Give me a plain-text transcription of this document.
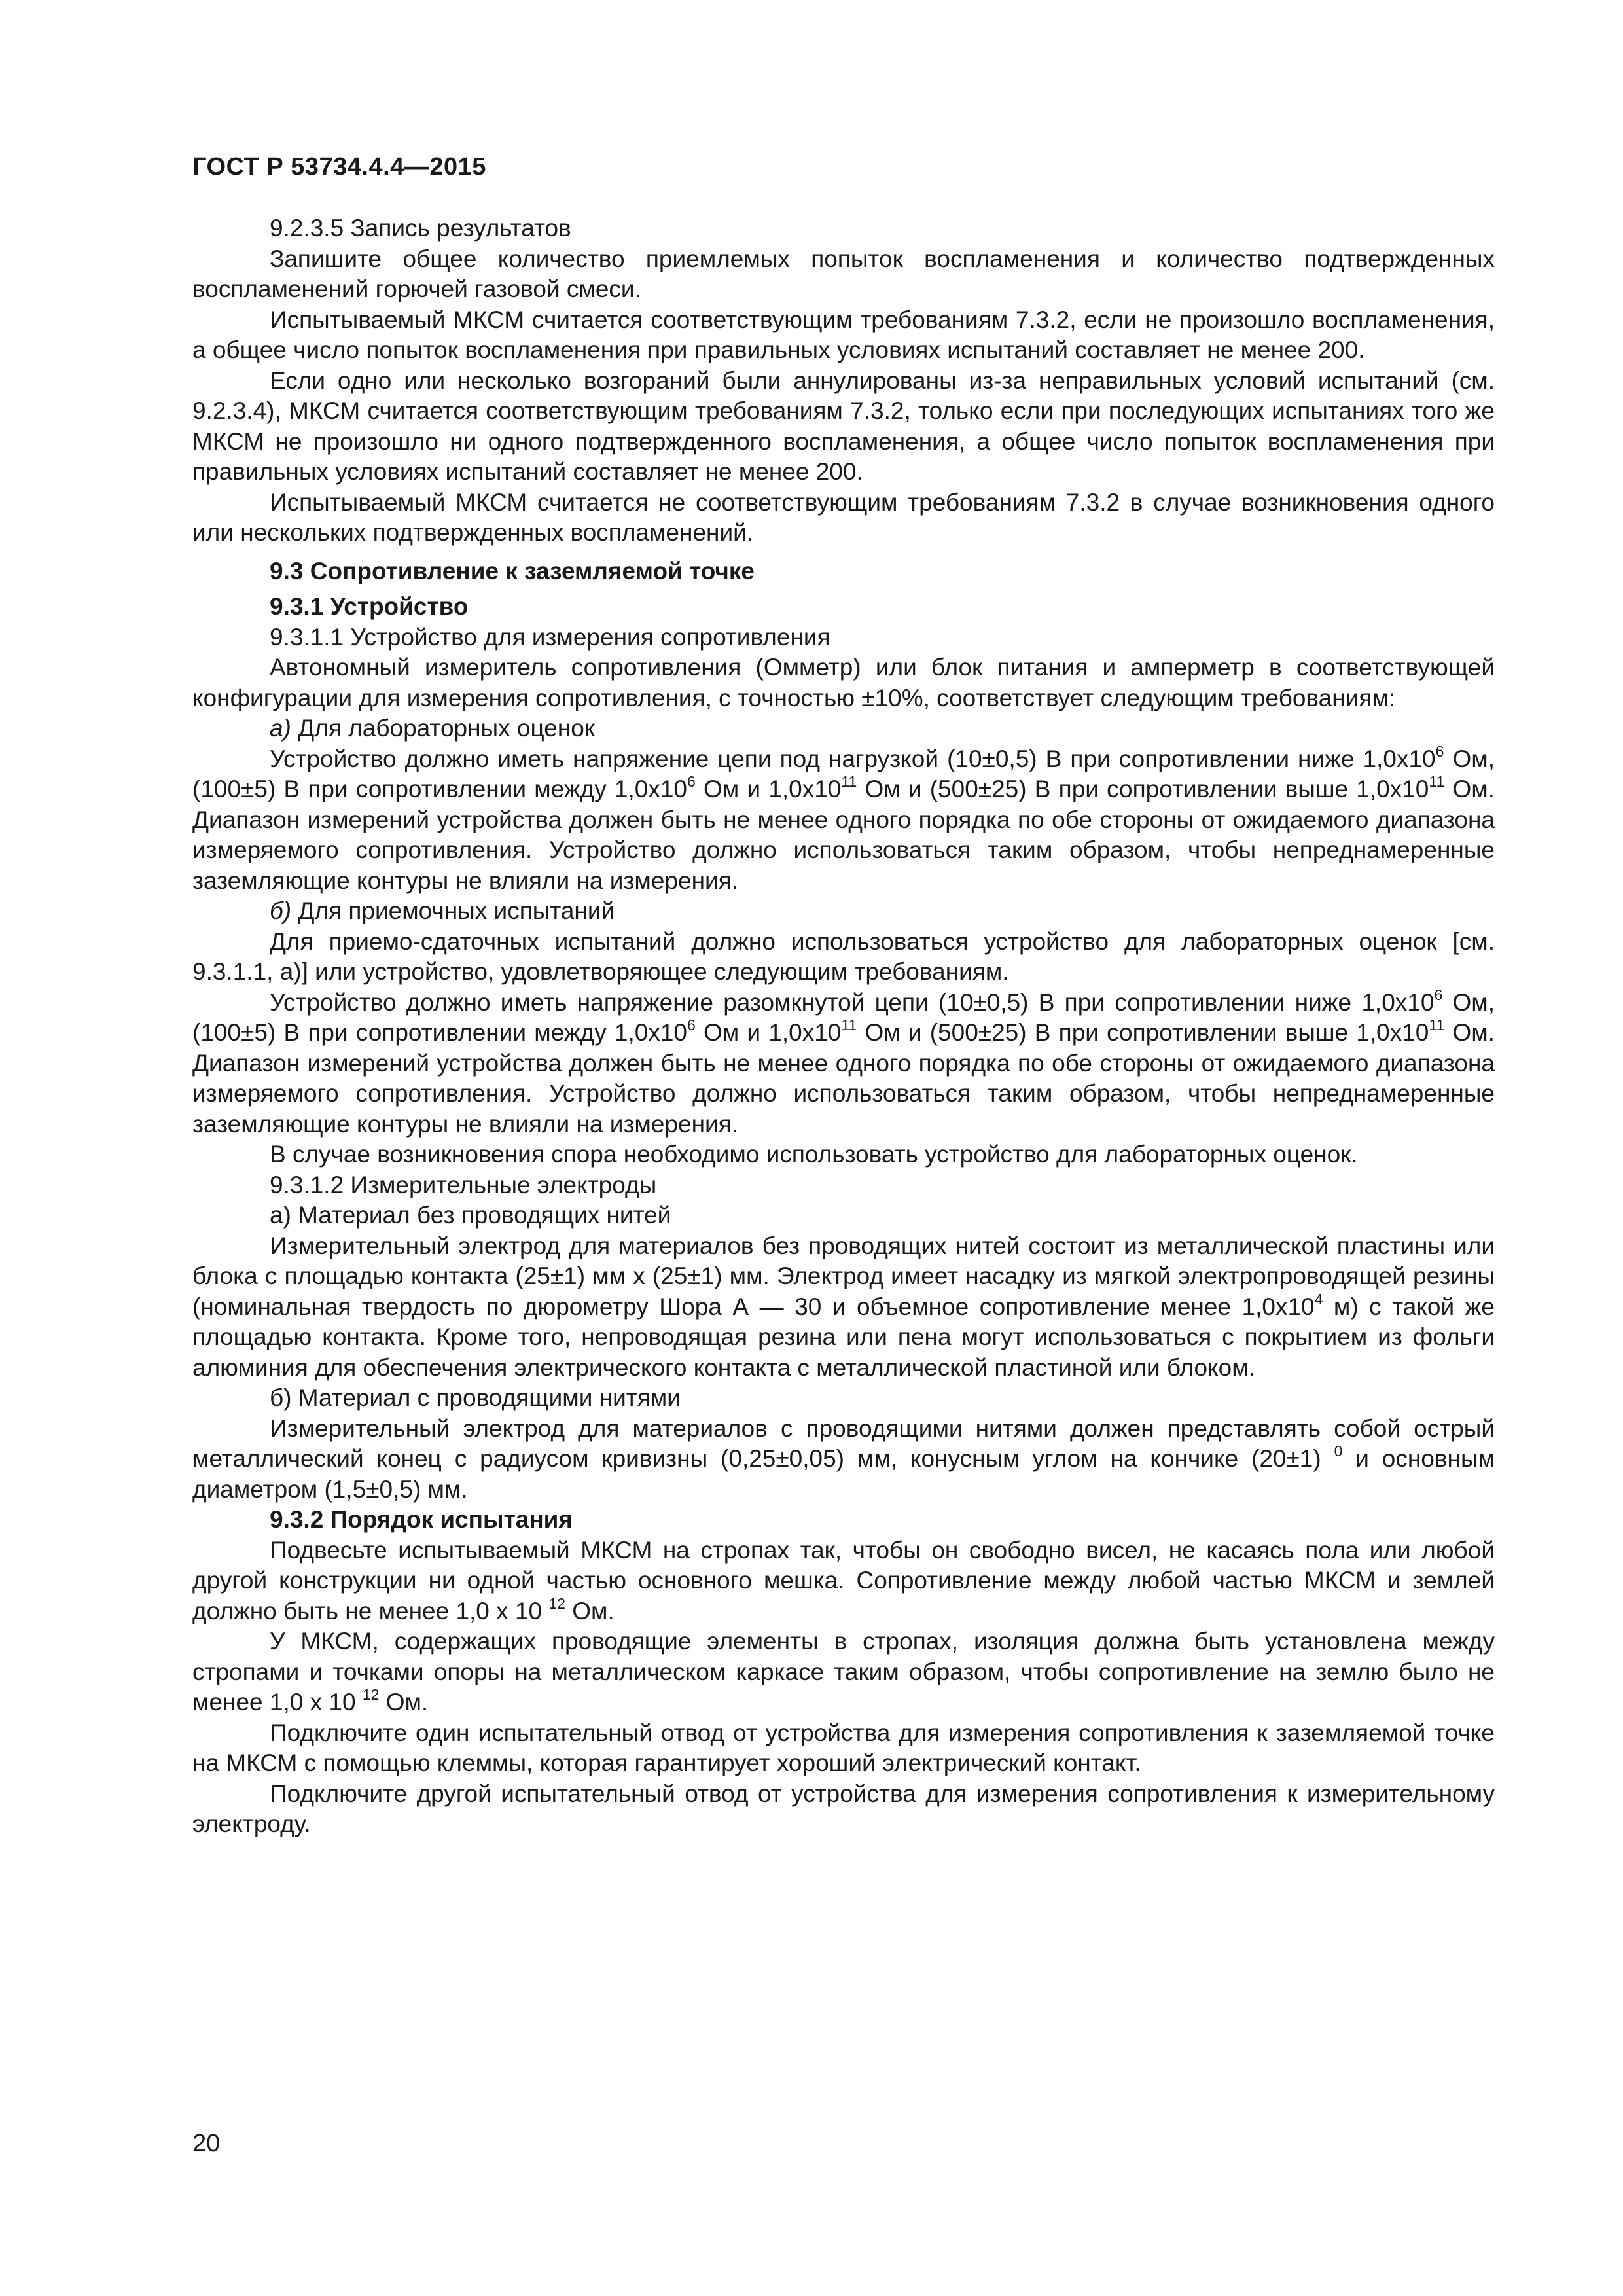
ГОСТ Р 53734.4.4—2015

9.2.3.5 Запись результатов

Запишите общее количество приемлемых попыток воспламенения и количество подтвержденных воспламенений горючей газовой смеси.

Испытываемый МКСМ считается соответствующим требованиям 7.3.2, если не произошло воспламенения, а общее число попыток воспламенения при правильных условиях испытаний составляет не менее 200.

Если одно или несколько возгораний были аннулированы из-за неправильных условий испытаний (см. 9.2.3.4), МКСМ считается соответствующим требованиям 7.3.2, только если при последующих испытаниях того же МКСМ не произошло ни одного подтвержденного воспламенения, а общее число попыток воспламенения при правильных условиях испытаний составляет не менее 200.

Испытываемый МКСМ считается не соответствующим требованиям 7.3.2 в случае возникновения одного или нескольких подтвержденных воспламенений.

9.3 Сопротивление к заземляемой точке

9.3.1 Устройство

9.3.1.1 Устройство для измерения сопротивления

Автономный измеритель сопротивления (Омметр) или блок питания и амперметр в соответствующей конфигурации для измерения сопротивления, с точностью ±10%, соответствует следующим требованиям:

а) Для лабораторных оценок

Устройство должно иметь напряжение цепи под нагрузкой (10±0,5) В при сопротивлении ниже $1,0х10^6$ Ом, (100±5) В при сопротивлении между $1,0х10^6$ Ом и $1,0х10^{11}$ Ом и (500±25) В при сопротивлении выше $1,0х10^{11}$ Ом. Диапазон измерений устройства должен быть не менее одного порядка по обе стороны от ожидаемого диапазона измеряемого сопротивления. Устройство должно использоваться таким образом, чтобы непреднамеренные заземляющие контуры не влияли на измерения.

б) Для приемочных испытаний

Для приемо-сдаточных испытаний должно использоваться устройство для лабораторных оценок [см. 9.3.1.1, а)] или устройство, удовлетворяющее следующим требованиям.

Устройство должно иметь напряжение разомкнутой цепи (10±0,5) В при сопротивлении ниже $1,0х10^6$ Ом, (100±5) В при сопротивлении между $1,0х10^6$ Ом и $1,0х10^{11}$ Ом и (500±25) В при сопротивлении выше $1,0х10^{11}$ Ом. Диапазон измерений устройства должен быть не менее одного порядка по обе стороны от ожидаемого диапазона измеряемого сопротивления. Устройство должно использоваться таким образом, чтобы непреднамеренные заземляющие контуры не влияли на измерения.

В случае возникновения спора необходимо использовать устройство для лабораторных оценок.

9.3.1.2 Измерительные электроды

а) Материал без проводящих нитей

Измерительный электрод для материалов без проводящих нитей состоит из металлической пластины или блока с площадью контакта (25±1) мм х (25±1) мм. Электрод имеет насадку из мягкой электропроводящей резины (номинальная твердость по дюрометру Шора А — 30 и объемное сопротивление менее $1,0х10^4$ м) с такой же площадью контакта. Кроме того, непроводящая резина или пена могут использоваться с покрытием из фольги алюминия для обеспечения электрического контакта с металлической пластиной или блоком.

б) Материал с проводящими нитями

Измерительный электрод для материалов с проводящими нитями должен представлять собой острый металлический конец с радиусом кривизны (0,25±0,05) мм, конусным углом на кончике (20±1) $^0$ и основным диаметром (1,5±0,5) мм.

9.3.2 Порядок испытания

Подвесьте испытываемый МКСМ на стропах так, чтобы он свободно висел, не касаясь пола или любой другой конструкции ни одной частью основного мешка. Сопротивление между любой частью МКСМ и землей должно быть не менее 1,0 х 10 $^{12}$ Ом.

У МКСМ, содержащих проводящие элементы в стропах, изоляция должна быть установлена между стропами и точками опоры на металлическом каркасе таким образом, чтобы сопротивление на землю было не менее 1,0 х 10 $^{12}$ Ом.

Подключите один испытательный отвод от устройства для измерения сопротивления к заземляемой точке на МКСМ с помощью клеммы, которая гарантирует хороший электрический контакт.

Подключите другой испытательный отвод от устройства для измерения сопротивления к измерительному электроду.

20
